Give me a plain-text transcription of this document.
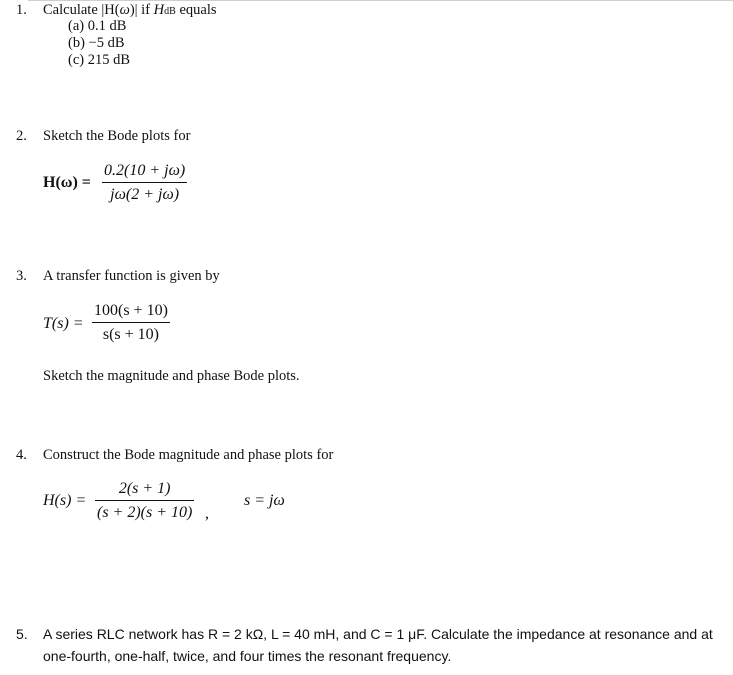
1. Calculate |H(ω)| if HdB equals
(a) 0.1 dB
(b) −5 dB
(c) 215 dB
2. Sketch the Bode plots for
$H(\omega) = \frac{0.2(10 + j\omega)}{j\omega(2 + j\omega)}$
3. A transfer function is given by
$T(s) = \frac{100(s + 10)}{s(s + 10)}$
Sketch the magnitude and phase Bode plots.
4. Construct the Bode magnitude and phase plots for
$H(s) = \frac{2(s + 1)}{(s + 2)(s + 10)}$ ,
s = jω
5. A series RLC network has R = 2 kΩ, L = 40 mH, and C = 1 μF. Calculate the impedance at resonance and at
one-fourth, one-half, twice, and four times the resonant frequency.
